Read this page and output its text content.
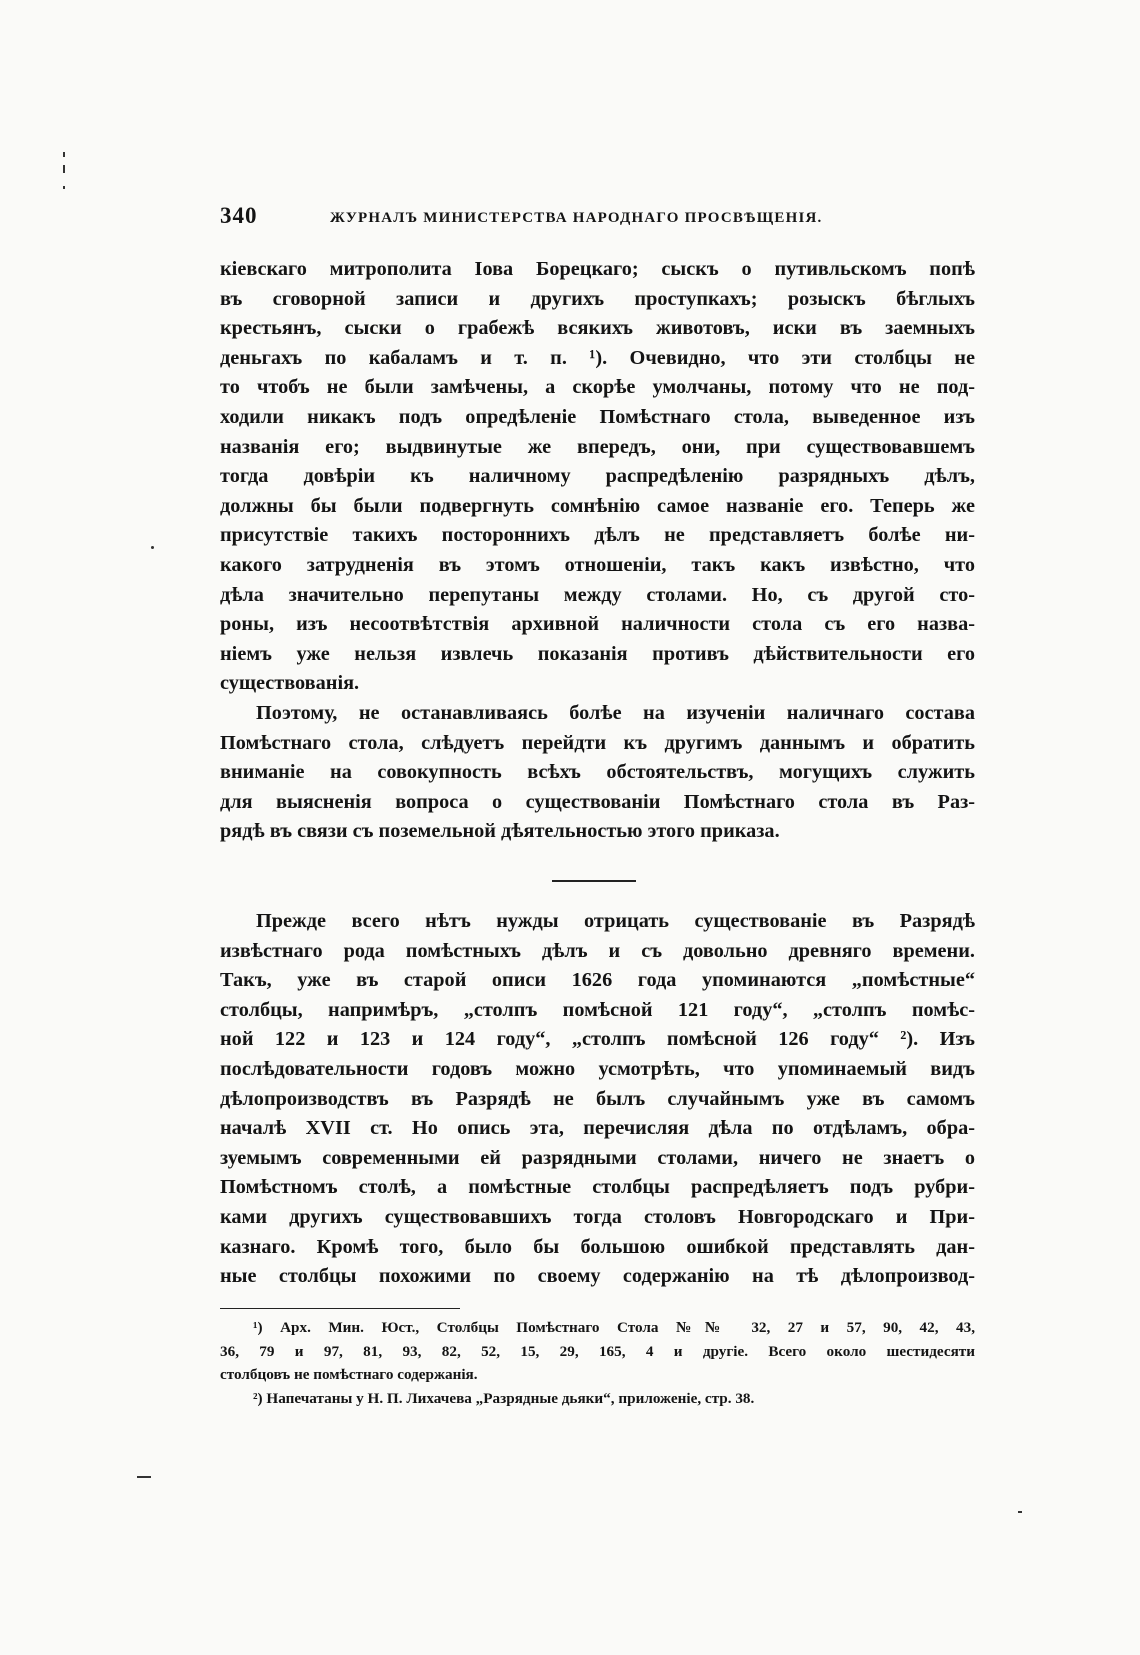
340	ЖУРНАЛЪ МИНИСТЕРСТВА НАРОДНАГО ПРОСВѢЩЕНІЯ.
кіевскаго митрополита Іова Борецкаго; сыскъ о путивльскомъ попѣ
въ сговорной записи и другихъ проступкахъ; розыскъ бѣглыхъ
крестьянъ, сыски о грабежѣ всякихъ животовъ, иски въ заемныхъ
деньгахъ по кабаламъ и т. п. ¹). Очевидно, что эти столбцы не
то чтобъ не были замѣчены, а скорѣе умолчаны, потому что не под-
ходили никакъ подъ опредѣленіе Помѣстнаго стола, выведенное изъ
названія его; выдвинутые же впередъ, они, при существовавшемъ
тогда довѣріи къ наличному распредѣленію разрядныхъ дѣлъ,
должны бы были подвергнуть сомнѣнію самое названіе его. Теперь же
присутствіе такихъ постороннихъ дѣлъ не представляетъ болѣе ни-
какого затрудненія въ этомъ отношеніи, такъ какъ извѣстно, что
дѣла значительно перепутаны между столами. Но, съ другой сто-
роны, изъ несоотвѣтствія архивной наличности стола съ его назва-
ніемъ уже нельзя извлечь показанія противъ дѣйствительности его
существованія.
Поэтому, не останавливаясь болѣе на изученіи наличнаго состава
Помѣстнаго стола, слѣдуетъ перейдти къ другимъ даннымъ и обратить
вниманіе на совокупность всѣхъ обстоятельствъ, могущихъ служить
для выясненія вопроса о существованіи Помѣстнаго стола въ Раз-
рядѣ въ связи съ поземельной дѣятельностью этого приказа.
Прежде всего нѣтъ нужды отрицать существованіе въ Разрядѣ
извѣстнаго рода помѣстныхъ дѣлъ и съ довольно древняго времени.
Такъ, уже въ старой описи 1626 года упоминаются „помѣстные“
столбцы, напримѣръ, „столпъ помѣсной 121 году“, „столпъ помѣс-
ной 122 и 123 и 124 году“, „столпъ помѣсной 126 году“ ²). Изъ
послѣдовательности годовъ можно усмотрѣть, что упоминаемый видъ
дѣлопроизводствъ въ Разрядѣ не былъ случайнымъ уже въ самомъ
началѣ XVII ст. Но опись эта, перечисляя дѣла по отдѣламъ, обра-
зуемымъ современными ей разрядными столами, ничего не знаетъ о
Помѣстномъ столѣ, а помѣстные столбцы распредѣляетъ подъ рубри-
ками другихъ существовавшихъ тогда столовъ Новгородскаго и При-
казнаго. Кромѣ того, было бы большою ошибкой представлять дан-
ные столбцы похожими по своему содержанію на тѣ дѣлопроизвод-
¹) Арх. Мин. Юст., Столбцы Помѣстнаго Стола №№ 32, 27 и 57, 90, 42, 43,
36, 79 и 97, 81, 93, 82, 52, 15, 29, 165, 4 и другіе. Всего около шестидесяти
столбцовъ не помѣстнаго содержанія.
²) Напечатаны у Н. П. Лихачева „Разрядные дьяки“, приложеніе, стр. 38.
